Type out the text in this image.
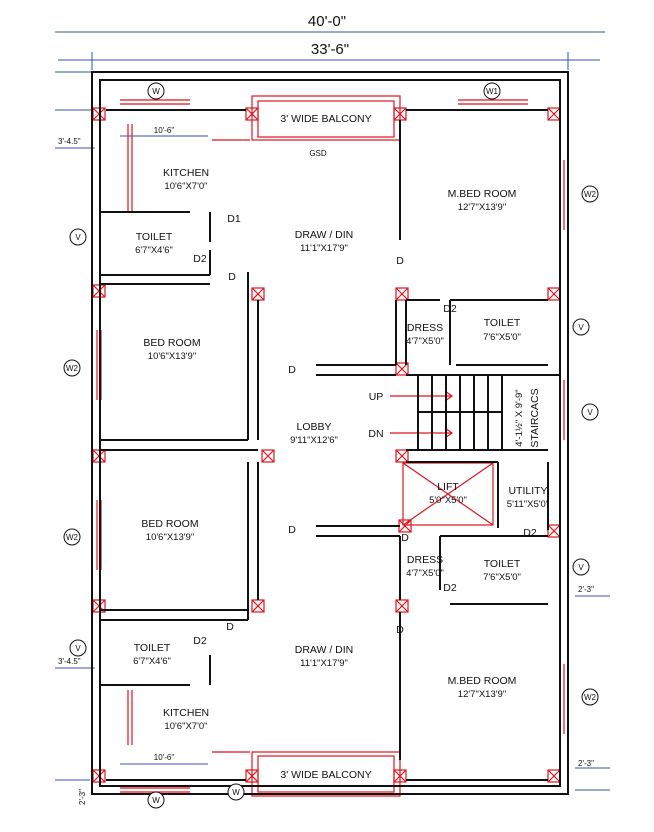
40'-0"
33'-6"
3'-4.5"
3'-4.5"
2'-3"
2'-3"
2'-3"
10'-6"
10'-6"
3' WIDE BALCONY
3' WIDE BALCONY
GSD
KITCHEN
10'6"X7'0"
KITCHEN
10'6"X7'0"
TOILET
6'7"X4'6"
TOILET
6'7"X4'6"
DRAW / DIN
11'1"X17'9"
DRAW / DIN
11'1"X17'9"
M.BED ROOM
12'7"X13'9"
M.BED ROOM
12'7"X13'9"
BED ROOM
10'6"X13'9"
BED ROOM
10'6"X13'9"
DRESS
4'7"X5'0"
DRESS
4'7"X5'0"
TOILET
7'6"X5'0"
TOILET
7'6"X5'0"
LOBBY
9'11"X12'6"
LIFT
5'0"X5'0"
UTILITY
5'11"X5'0"
4'-1½" X 9'-9" STAIRCACS
UP
DN
D1
D2
D2
D2
D2
D2
D
D
D
D
D	D
D
W	W1
W2
W2
W2
W2
W
W
V
V
V
V
V
